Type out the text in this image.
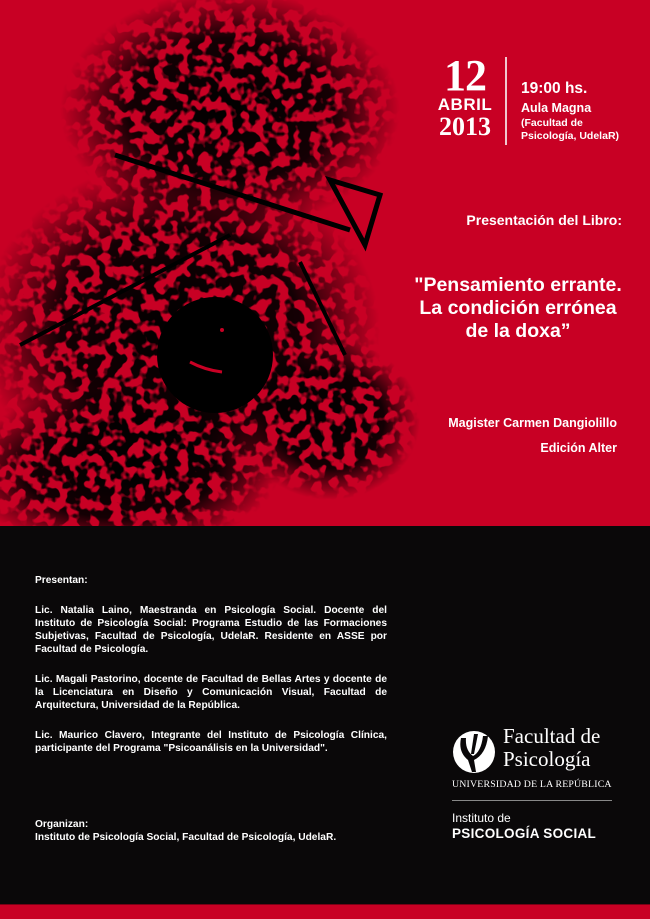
12
ABRIL
2013
19:00 hs.
Aula Magna
(Facultad de
Psicología, UdelaR)
Presentación del Libro:
"Pensamiento errante.
La condición errónea
de la doxa”
Magister Carmen Dangiolillo
Edición Alter
Presentan:
Lic. Natalia Laino, Maestranda en Psicología Social. Docente del Instituto de Psicología Social: Programa Estudio de las Formaciones Subjetivas, Facultad de Psicología, UdelaR. Residente en ASSE por Facultad de Psicología.
Lic. Magali Pastorino, docente de Facultad de Bellas Artes y docente de la Licenciatura en Diseño y Comunicación Visual, Facultad de Arquitectura, Universidad de la República.
Lic. Maurico Clavero, Integrante del Instituto de Psicología Clínica, participante del Programa "Psicoanálisis en la Universidad".
Organizan:
Instituto de Psicología Social, Facultad de Psicología, UdelaR.
Facultad de
Psicología
UNIVERSIDAD DE LA REPÚBLICA
Instituto de
PSICOLOGÍA SOCIAL
